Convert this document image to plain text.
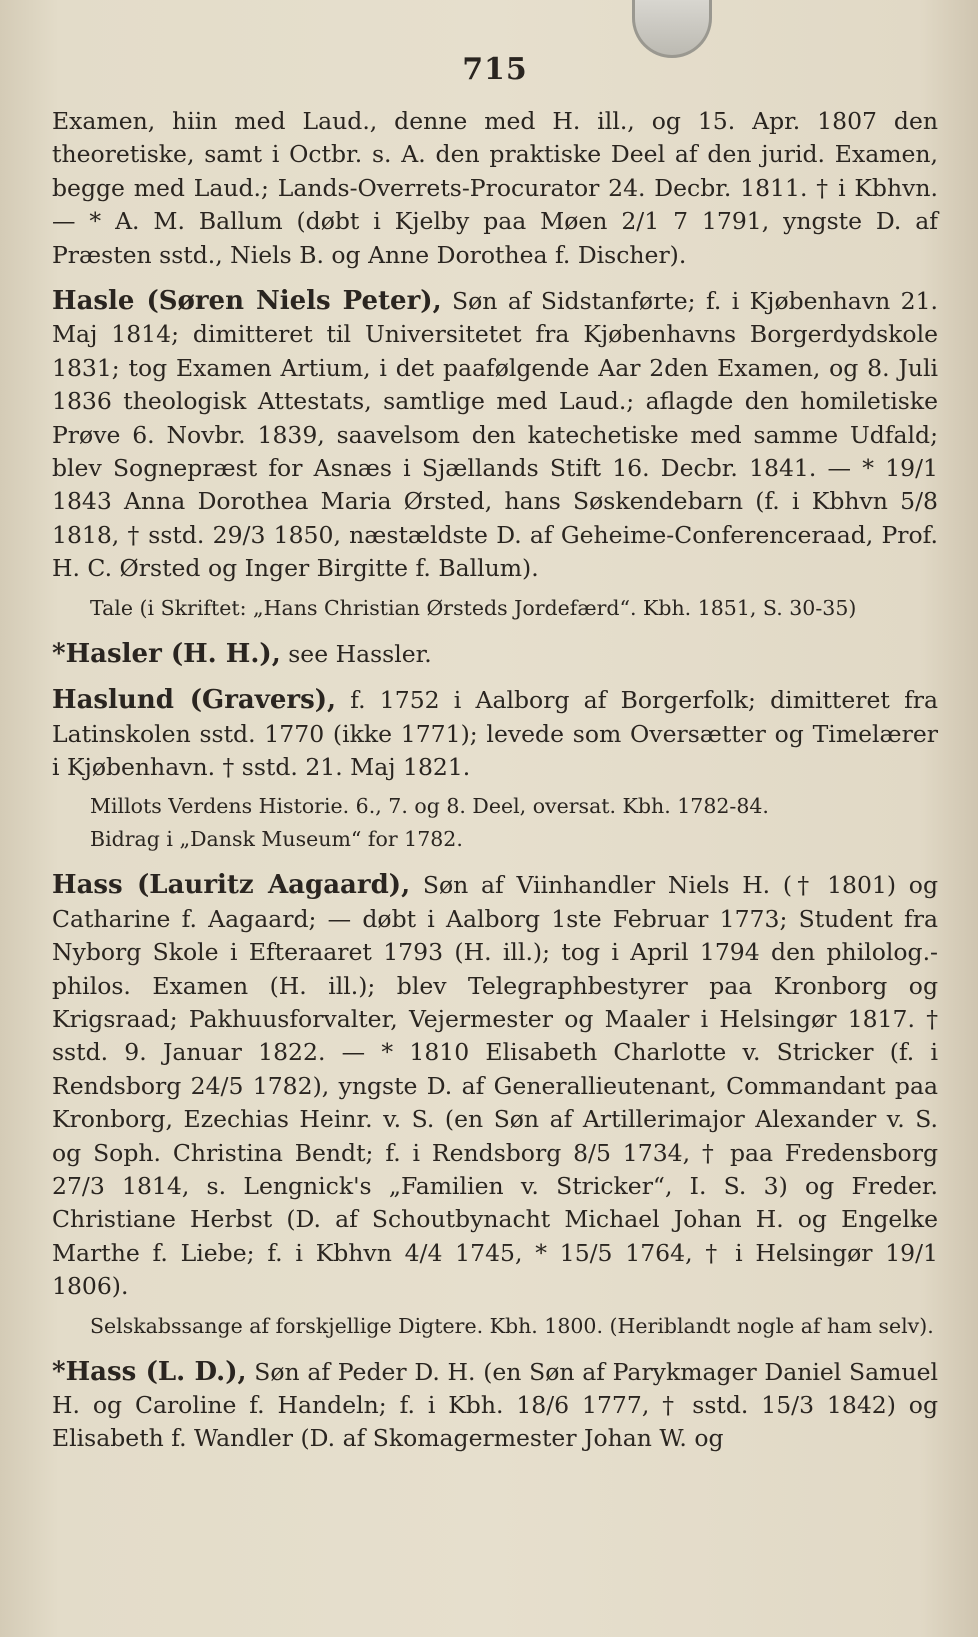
715

Examen, hiin med Laud., denne med H. ill., og 15. Apr. 1807 den theoretiske, samt i Octbr. s. A. den praktiske Deel af den jurid. Examen, begge med Laud.; Lands-Overrets-Procurator 24. Decbr. 1811. † i Kbhvn. — * A. M. Ballum (døbt i Kjelby paa Møen 2/1 7 1791, yngste D. af Præsten sstd., Niels B. og Anne Dorothea f. Discher).

Hasle (Søren Niels Peter), Søn af Sidstanførte; f. i Kjøbenhavn 21. Maj 1814; dimitteret til Universitetet fra Kjøbenhavns Borgerdydskole 1831; tog Examen Artium, i det paafølgende Aar 2den Examen, og 8. Juli 1836 theologisk Attestats, samtlige med Laud.; aflagde den homiletiske Prøve 6. Novbr. 1839, saavelsom den katechetiske med samme Udfald; blev Sognepræst for Asnæs i Sjællands Stift 16. Decbr. 1841. — * 19/1 1843 Anna Dorothea Maria Ørsted, hans Søskendebarn (f. i Kbhvn 5/8 1818, † sstd. 29/3 1850, næstældste D. af Geheime-Conferenceraad, Prof. H. C. Ørsted og Inger Birgitte f. Ballum).

Tale (i Skriftet: „Hans Christian Ørsteds Jordefærd“. Kbh. 1851, S. 30-35)

*Hasler (H. H.), see Hassler.

Haslund (Gravers), f. 1752 i Aalborg af Borgerfolk; dimitteret fra Latinskolen sstd. 1770 (ikke 1771); levede som Oversætter og Timelærer i Kjøbenhavn. † sstd. 21. Maj 1821.

Millots Verdens Historie. 6., 7. og 8. Deel, oversat. Kbh. 1782-84.

Bidrag i „Dansk Museum“ for 1782.

Hass (Lauritz Aagaard), Søn af Viinhandler Niels H. († 1801) og Catharine f. Aagaard; — døbt i Aalborg 1ste Februar 1773; Student fra Nyborg Skole i Efteraaret 1793 (H. ill.); tog i April 1794 den philolog.-philos. Examen (H. ill.); blev Telegraphbestyrer paa Kronborg og Krigsraad; Pakhuusforvalter, Vejermester og Maaler i Helsingør 1817. † sstd. 9. Januar 1822. — * 1810 Elisabeth Charlotte v. Stricker (f. i Rendsborg 24/5 1782), yngste D. af Generallieutenant, Commandant paa Kronborg, Ezechias Heinr. v. S. (en Søn af Artillerimajor Alexander v. S. og Soph. Christina Bendt; f. i Rendsborg 8/5 1734, † paa Fredensborg 27/3 1814, s. Lengnick's „Familien v. Stricker“, I. S. 3) og Freder. Christiane Herbst (D. af Schoutbynacht Michael Johan H. og Engelke Marthe f. Liebe; f. i Kbhvn 4/4 1745, * 15/5 1764, † i Helsingør 19/1 1806).

Selskabssange af forskjellige Digtere. Kbh. 1800. (Heriblandt nogle af ham selv).

*Hass (L. D.), Søn af Peder D. H. (en Søn af Parykmager Daniel Samuel H. og Caroline f. Handeln; f. i Kbh. 18/6 1777, † sstd. 15/3 1842) og Elisabeth f. Wandler (D. af Skomagermester Johan W. og
